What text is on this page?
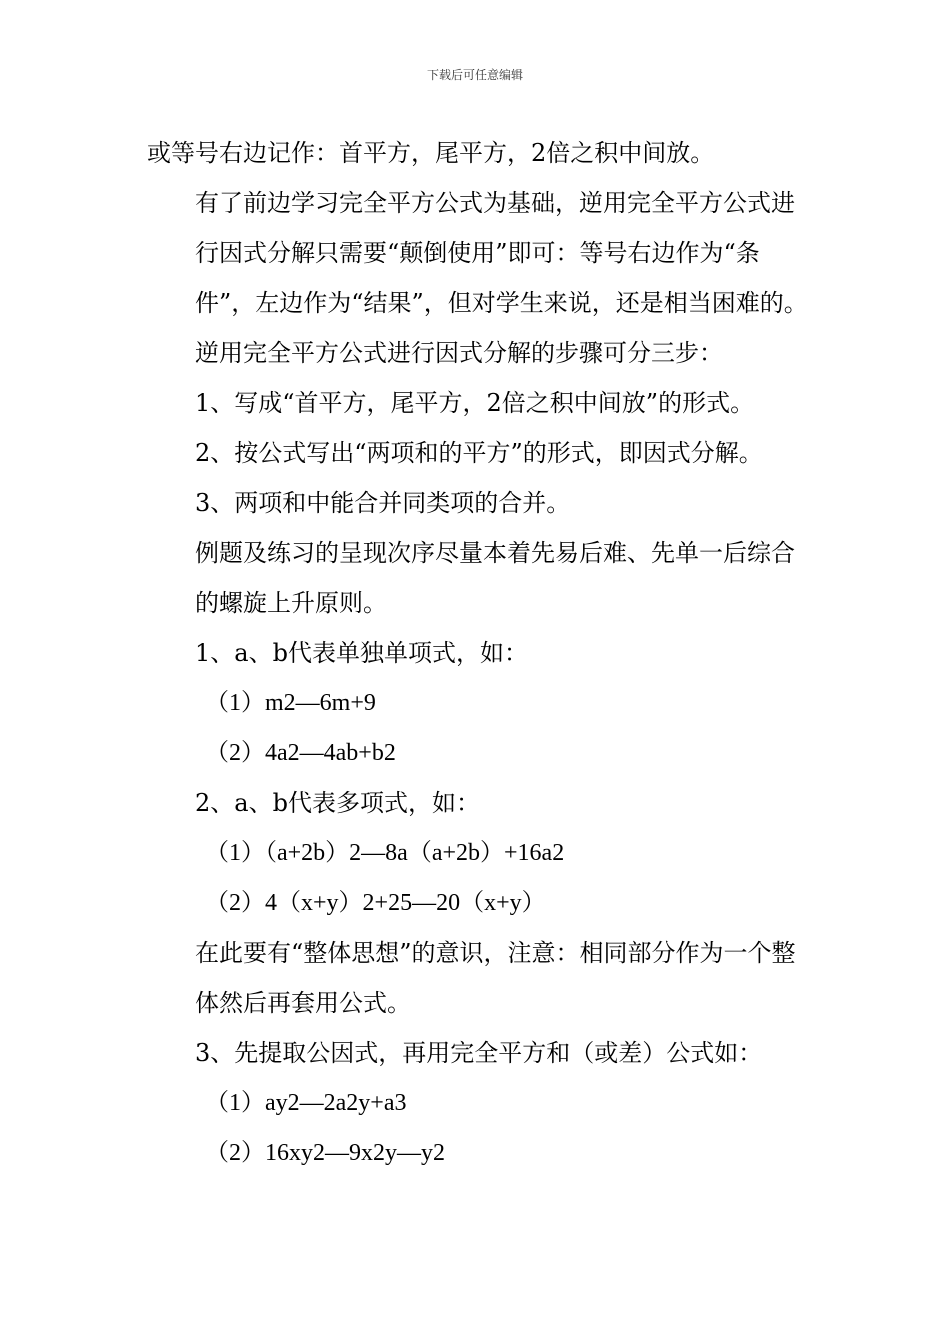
下载后可任意编辑

或等号右边记作：首平方，尾平方，2倍之积中间放。

有了前边学习完全平方公式为基础，逆用完全平方公式进行因式分解只需要“颠倒使用”即可：等号右边作为“条件”，左边作为“结果”，但对学生来说，还是相当困难的。

逆用完全平方公式进行因式分解的步骤可分三步：

1、写成“首平方，尾平方，2倍之积中间放”的形式。

2、按公式写出“两项和的平方”的形式，即因式分解。

3、两项和中能合并同类项的合并。

例题及练习的呈现次序尽量本着先易后难、先单一后综合的螺旋上升原则。

1、a、b代表单独单项式，如：

（1）m2—6m+9

（2）4a2—4ab+b2

2、a、b代表多项式，如：

（1）（a+2b）2—8a（a+2b）+16a2

（2）4（x+y）2+25—20（x+y）

在此要有“整体思想”的意识，注意：相同部分作为一个整体然后再套用公式。

3、先提取公因式，再用完全平方和（或差）公式如：

（1）ay2—2a2y+a3

（2）16xy2—9x2y—y2
